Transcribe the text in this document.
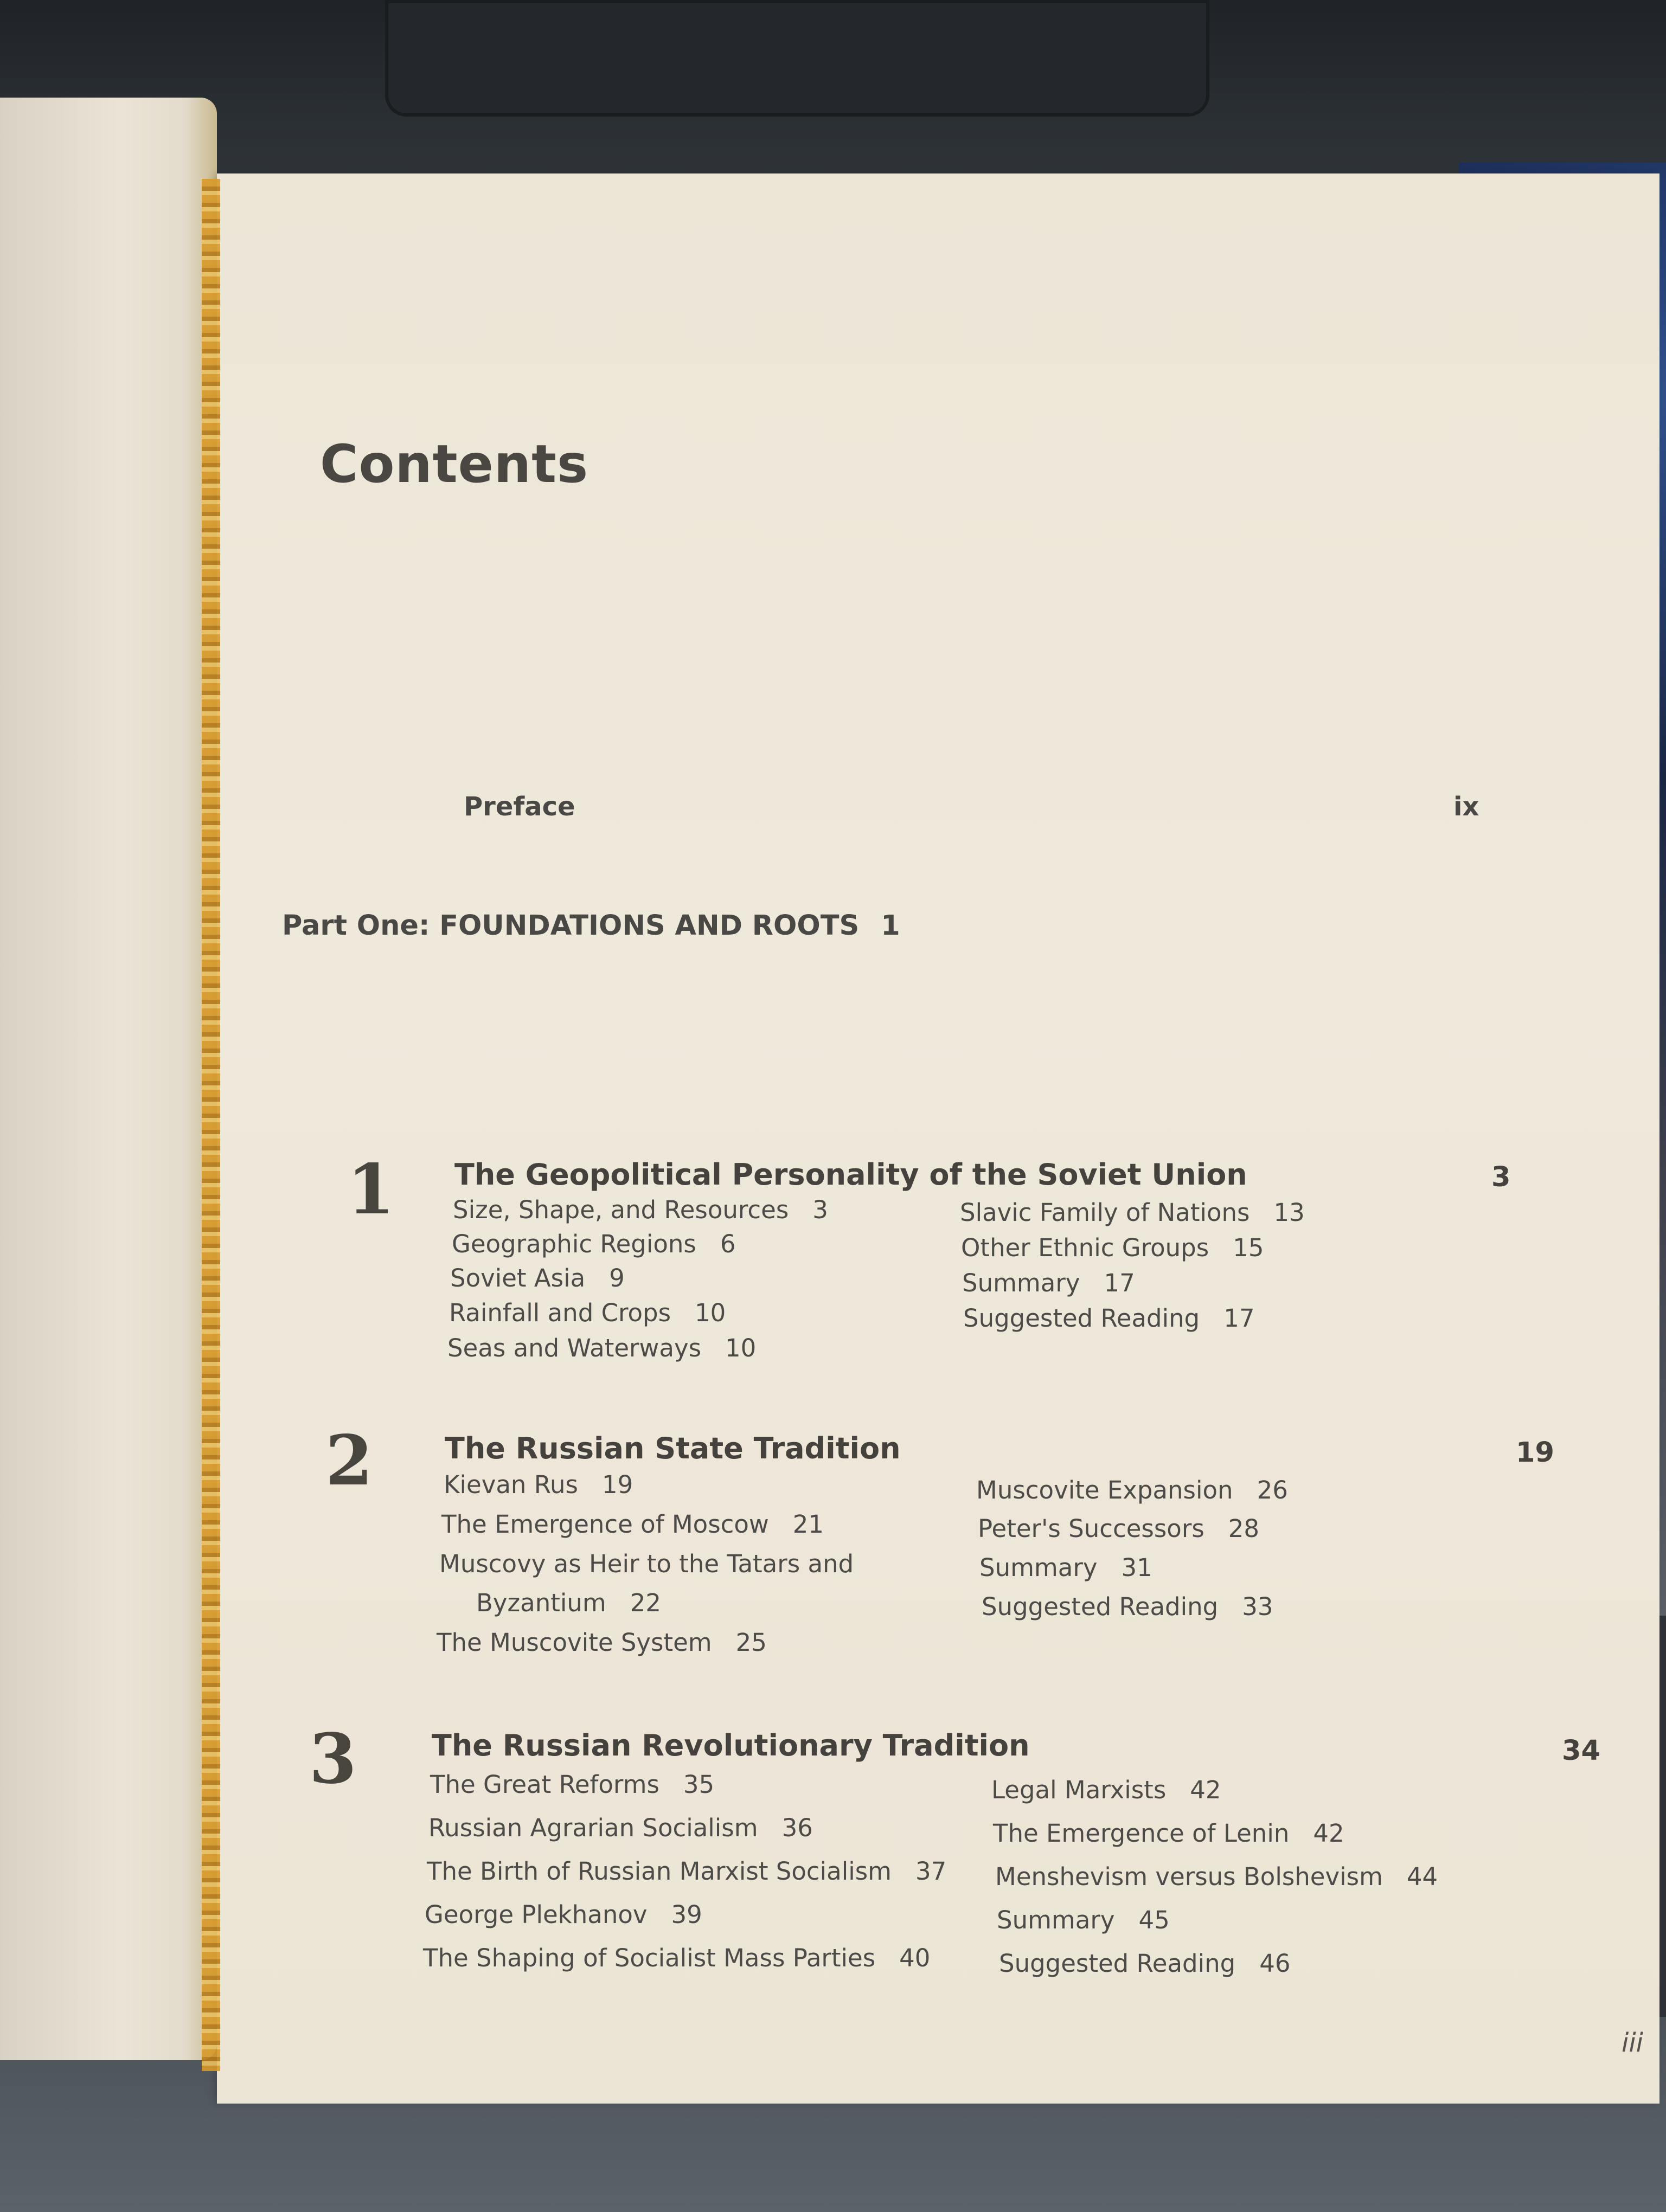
Contents
Preface	ix
Part One: FOUNDATIONS AND ROOTS 1
1 The Geopolitical Personality of the Soviet Union	3
Size, Shape, and Resources 3
Geographic Regions 6
Soviet Asia 9
Rainfall and Crops 10
Seas and Waterways 10
Slavic Family of Nations 13
Other Ethnic Groups 15
Summary 17
Suggested Reading 17
2 The Russian State Tradition	19
Kievan Rus 19
The Emergence of Moscow 21
Muscovy as Heir to the Tatars and
Byzantium 22
The Muscovite System 25
Muscovite Expansion 26
Peter's Successors 28
Summary 31
Suggested Reading 33
3	The Russian Revolutionary Tradition	34
The Great Reforms 35
Russian Agrarian Socialism 36
The Birth of Russian Marxist Socialism 37
George Plekhanov 39
The Shaping of Socialist Mass Parties 40
Legal Marxists 42
The Emergence of Lenin 42
Menshevism versus Bolshevism 44
Summary 45
Suggested Reading 46
iii
